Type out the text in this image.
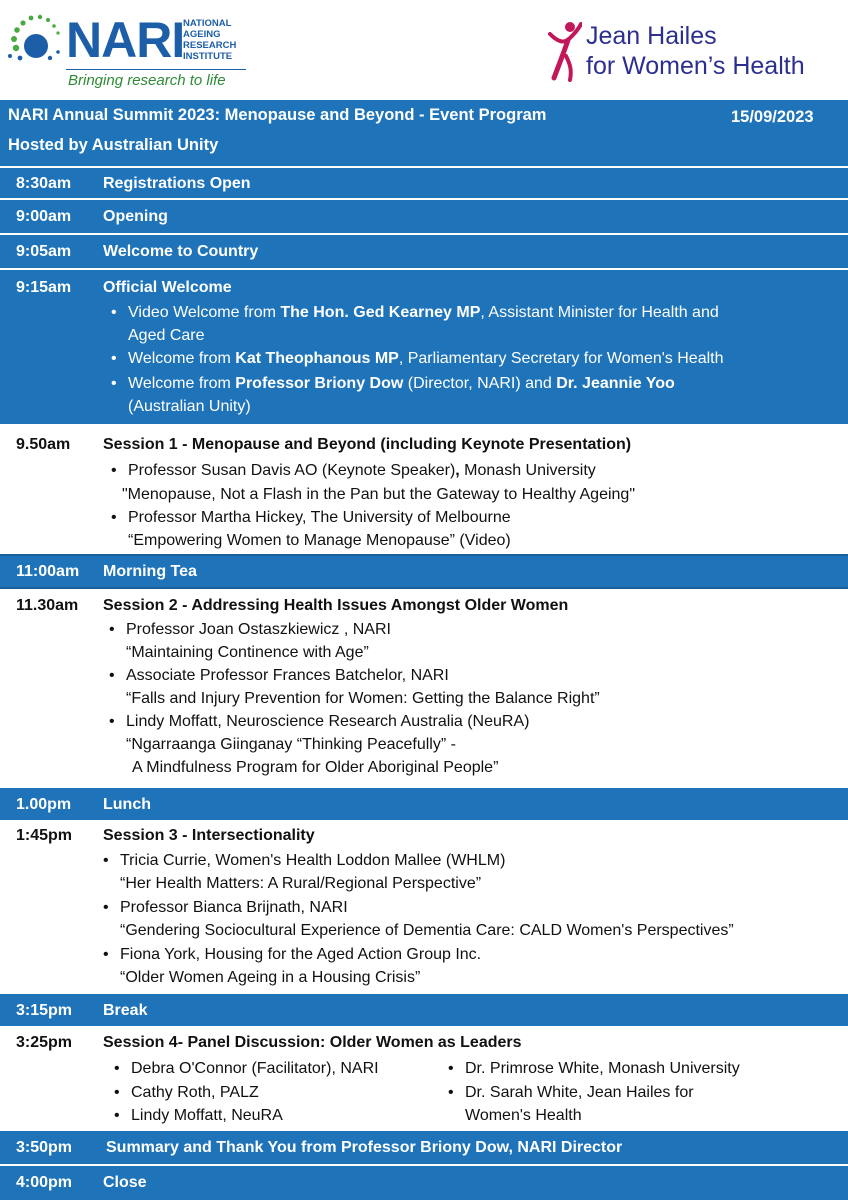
NARI
NATIONAL
AGEING
RESEARCH
INSTITUTE
Bringing research to life
Jean Hailes
for Women’s Health
NARI Annual Summit 2023: Menopause and Beyond - Event Program	15/09/2023
Hosted by Australian Unity
8:30am Registrations Open
9:00am Opening
9:05am Welcome to Country
9:15am Official Welcome
• Video Welcome from The Hon. Ged Kearney MP, Assistant Minister for Health and
Aged Care
• Welcome from Kat Theophanous MP, Parliamentary Secretary for Women's Health
• Welcome from Professor Briony Dow (Director, NARI) and Dr. Jeannie Yoo
(Australian Unity)
9.50am Session 1 - Menopause and Beyond (including Keynote Presentation)
• Professor Susan Davis AO (Keynote Speaker), Monash University
"Menopause, Not a Flash in the Pan but the Gateway to Healthy Ageing"
• Professor Martha Hickey, The University of Melbourne
“Empowering Women to Manage Menopause” (Video)
11:00am Morning Tea
11.30am Session 2 - Addressing Health Issues Amongst Older Women
• Professor Joan Ostaszkiewicz , NARI
“Maintaining Continence with Age”
• Associate Professor Frances Batchelor, NARI
“Falls and Injury Prevention for Women: Getting the Balance Right”
• Lindy Moffatt, Neuroscience Research Australia (NeuRA)
“Ngarraanga Giinganay “Thinking Peacefully” -
A Mindfulness Program for Older Aboriginal People”
1.00pm Lunch
1:45pm Session 3 - Intersectionality
• Tricia Currie, Women's Health Loddon Mallee (WHLM)
“Her Health Matters: A Rural/Regional Perspective”
• Professor Bianca Brijnath, NARI
“Gendering Sociocultural Experience of Dementia Care: CALD Women's Perspectives”
• Fiona York, Housing for the Aged Action Group Inc.
“Older Women Ageing in a Housing Crisis”
3:15pm Break
3:25pm Session 4- Panel Discussion: Older Women as Leaders
• Debra O'Connor (Facilitator), NARI
• Cathy Roth, PALZ
• Lindy Moffatt, NeuRA
• Dr. Primrose White, Monash University
• Dr. Sarah White, Jean Hailes for
Women's Health
3:50pm Summary and Thank You from Professor Briony Dow, NARI Director
4:00pm Close
